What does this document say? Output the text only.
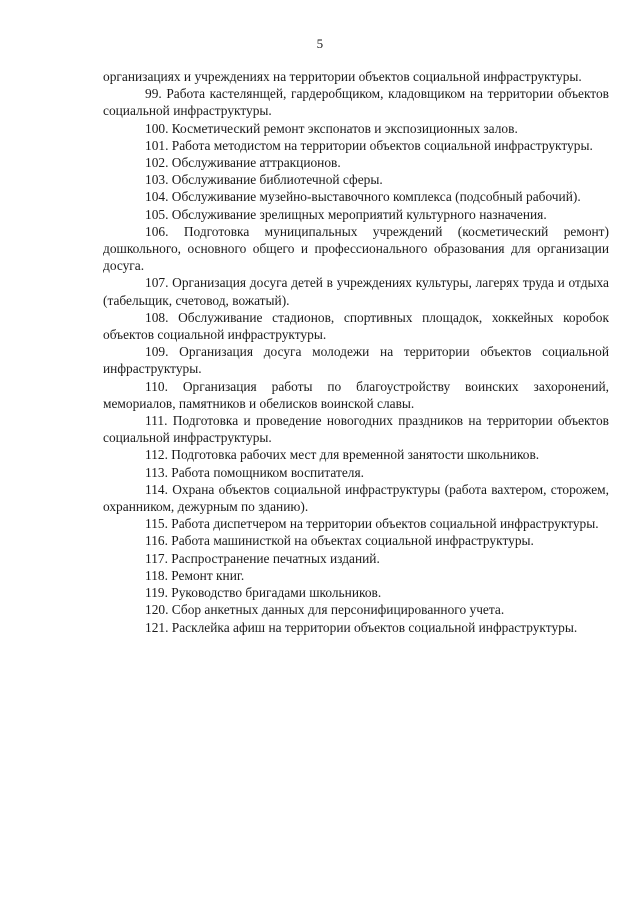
5

организациях и учреждениях на территории объектов социальной инфраструктуры.

99. Работа кастелянщей, гардеробщиком, кладовщиком на территории объектов социальной инфраструктуры.

100. Косметический ремонт экспонатов и экспозиционных залов.

101. Работа методистом на территории объектов социальной инфраструктуры.

102. Обслуживание аттракционов.

103. Обслуживание библиотечной сферы.

104. Обслуживание музейно-выставочного комплекса (подсобный рабочий).

105. Обслуживание зрелищных мероприятий культурного назначения.

106. Подготовка муниципальных учреждений (косметический ремонт) дошкольного, основного общего и профессионального образования для организации досуга.

107. Организация досуга детей в учреждениях культуры, лагерях труда и отдыха (табельщик, счетовод, вожатый).

108. Обслуживание стадионов, спортивных площадок, хоккейных коробок объектов социальной инфраструктуры.

109. Организация досуга молодежи на территории объектов социальной инфраструктуры.

110. Организация работы по благоустройству воинских захоронений, мемориалов, памятников и обелисков воинской славы.

111. Подготовка и проведение новогодних праздников на территории объектов социальной инфраструктуры.

112. Подготовка рабочих мест для временной занятости школьников.

113. Работа помощником воспитателя.

114. Охрана объектов социальной инфраструктуры (работа вахтером, сторожем, охранником, дежурным по зданию).

115. Работа диспетчером на территории объектов социальной инфраструктуры.

116. Работа машинисткой на объектах социальной инфраструктуры.

117. Распространение печатных изданий.

118. Ремонт книг.

119. Руководство бригадами школьников.

120. Сбор анкетных данных для персонифицированного учета.

121. Расклейка афиш на территории объектов социальной инфраструктуры.
